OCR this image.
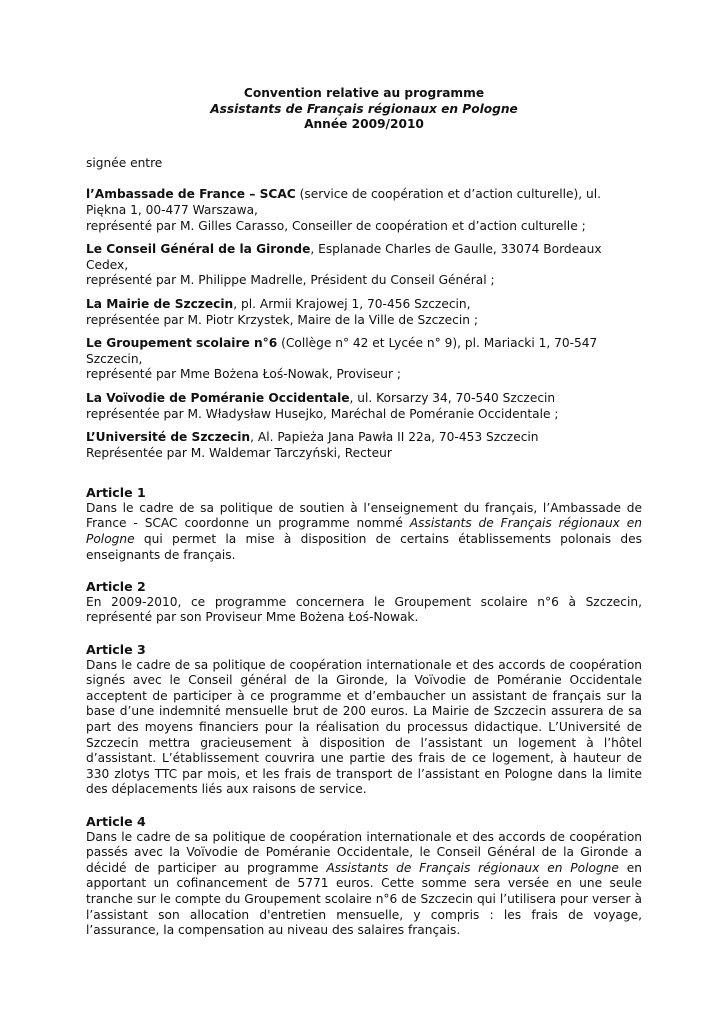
Convention relative au programme
Assistants de Français régionaux en Pologne
Année 2009/2010

signée entre

l’Ambassade de France – SCAC (service de coopération et d’action culturelle), ul. Piękna 1, 00-477 Warszawa,

représenté par M. Gilles Carasso, Conseiller de coopération et d’action culturelle ;

Le Conseil Général de la Gironde, Esplanade Charles de Gaulle, 33074 Bordeaux Cedex,

représenté par M. Philippe Madrelle, Président du Conseil Général ;

La Mairie de Szczecin, pl. Armii Krajowej 1, 70-456 Szczecin,

représentée par M. Piotr Krzystek, Maire de la Ville de Szczecin ;

Le Groupement scolaire n°6 (Collège n° 42 et Lycée n° 9), pl. Mariacki 1, 70-547 Szczecin,

représenté par Mme Bożena Łoś-Nowak, Proviseur ;

La Voïvodie de Poméranie Occidentale, ul. Korsarzy 34, 70-540 Szczecin

représentée par M. Władysław Husejko, Maréchal de Poméranie Occidentale ;

L’Université de Szczecin, Al. Papieża Jana Pawła II 22a, 70-453 Szczecin

Représentée par M. Waldemar Tarczyński, Recteur

Article 1

Dans le cadre de sa politique de soutien à l’enseignement du français, l’Ambassade de France - SCAC coordonne un programme nommé Assistants de Français régionaux en Pologne qui permet la mise à disposition de certains établissements polonais des enseignants de français.

Article 2

En 2009-2010, ce programme concernera le Groupement scolaire n°6 à Szczecin, représenté par son Proviseur Mme Bożena Łoś-Nowak.

Article 3

Dans le cadre de sa politique de coopération internationale et des accords de coopération signés avec le Conseil général de la Gironde, la Voïvodie de Poméranie Occidentale acceptent de participer à ce programme et d’embaucher un assistant de français sur la base d’une indemnité mensuelle brut de 200 euros. La Mairie de Szczecin assurera de sa part des moyens financiers pour la réalisation du processus didactique. L’Université de Szczecin mettra gracieusement à disposition de l’assistant un logement à l’hôtel d’assistant. L’établissement couvrira une partie des frais de ce logement, à hauteur de 330 zlotys TTC par mois, et les frais de transport de l’assistant en Pologne dans la limite des déplacements liés aux raisons de service.

Article 4

Dans le cadre de sa politique de coopération internationale et des accords de coopération passés avec la Voïvodie de Poméranie Occidentale, le Conseil Général de la Gironde a décidé de participer au programme Assistants de Français régionaux en Pologne en apportant un cofinancement de 5771 euros. Cette somme sera versée en une seule tranche sur le compte du Groupement scolaire n°6 de Szczecin qui l’utilisera pour verser à l’assistant son allocation d'entretien mensuelle, y compris : les frais de voyage, l’assurance, la compensation au niveau des salaires français.
